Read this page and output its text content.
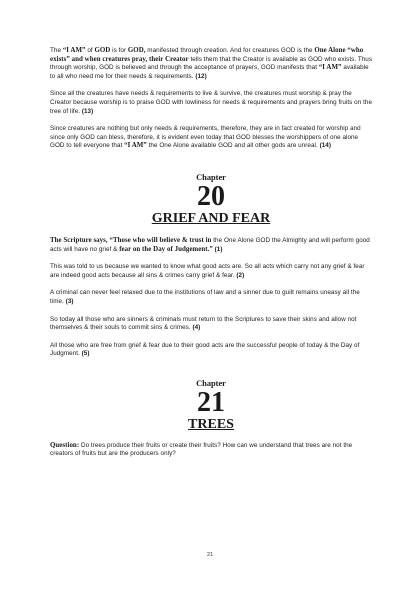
The “I AM” of GOD is for GOD, manifested through creation. And for creatures GOD is the One Alone “who exists” and when creatures pray, their Creator tells them that the Creator is available as GOD who exists. Thus through worship, GOD is believed and through the acceptance of prayers, GOD manifests that “I AM” available to all who need me for their needs & requirements. (12)

Since all the creatures have needs & requirements to live & survive, the creatures must worship & pray the Creator because worship is to praise GOD with lowliness for needs & requirements and prayers bring fruits on the tree of life. (13)

Since creatures are nothing but only needs & requirements, therefore, they are in fact created for worship and since only GOD can bless, therefore, it is evident even today that GOD blesses the worshippers of one alone GOD to tell everyone that “I AM” the One Alone available GOD and all other gods are unreal. (14)

Chapter

20

GRIEF AND FEAR

The Scripture says, “Those who will believe & trust in the One Alone GOD the Almighty and will perform good acts will have no grief & fear on the Day of Judgement.” (1)

This was told to us because we wanted to know what good acts are. So all acts which carry not any grief & fear are indeed good acts because all sins & crimes carry grief & fear. (2)

A criminal can never feel relaxed due to the institutions of law and a sinner due to guilt remains uneasy all the time. (3)

So today all those who are sinners & criminals must return to the Scriptures to save their skins and allow not themselves & their souls to commit sins & crimes. (4)

All those who are free from grief & fear due to their good acts are the successful people of today & the Day of Judgment. (5)

Chapter

21

TREES

Question: Do trees produce their fruits or create their fruits? How can we understand that trees are not the creators of fruits but are the producers only?

21
